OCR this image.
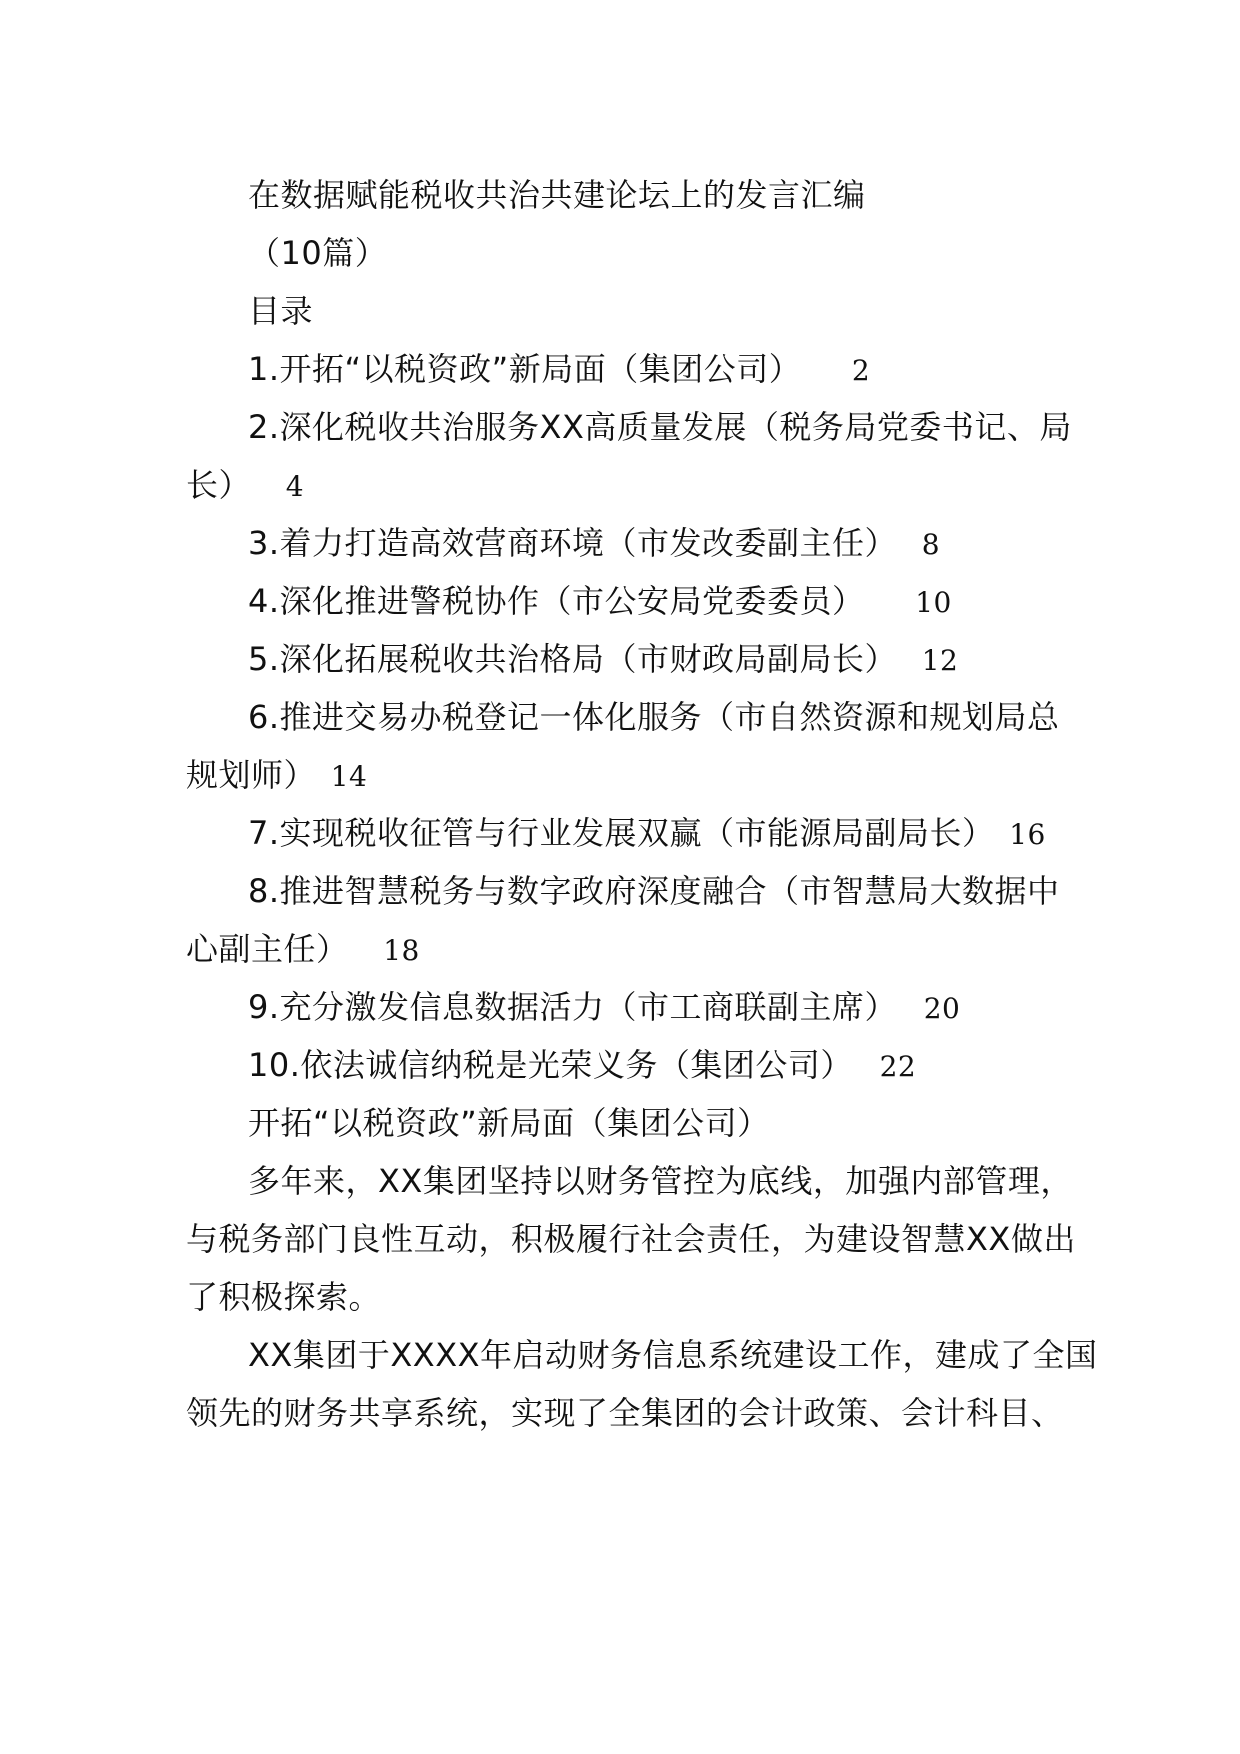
在数据赋能税收共治共建论坛上的发言汇编
（10篇）
目录
1.开拓“以税资政”新局面（集团公司） 2
2.深化税收共治服务XX高质量发展（税务局党委书记、局
长） 4
3.着力打造高效营商环境（市发改委副主任） 8
4.深化推进警税协作（市公安局党委委员） 10
5.深化拓展税收共治格局（市财政局副局长） 12
6.推进交易办税登记一体化服务（市自然资源和规划局总
规划师） 14
7.实现税收征管与行业发展双赢（市能源局副局长） 16
8.推进智慧税务与数字政府深度融合（市智慧局大数据中
心副主任） 18
9.充分激发信息数据活力（市工商联副主席） 20
10.依法诚信纳税是光荣义务（集团公司） 22
开拓“以税资政”新局面（集团公司）
多年来，XX集团坚持以财务管控为底线，加强内部管理，
与税务部门良性互动，积极履行社会责任，为建设智慧XX做出
了积极探索。
XX集团于XXXX年启动财务信息系统建设工作，建成了全国
领先的财务共享系统，实现了全集团的会计政策、会计科目、
